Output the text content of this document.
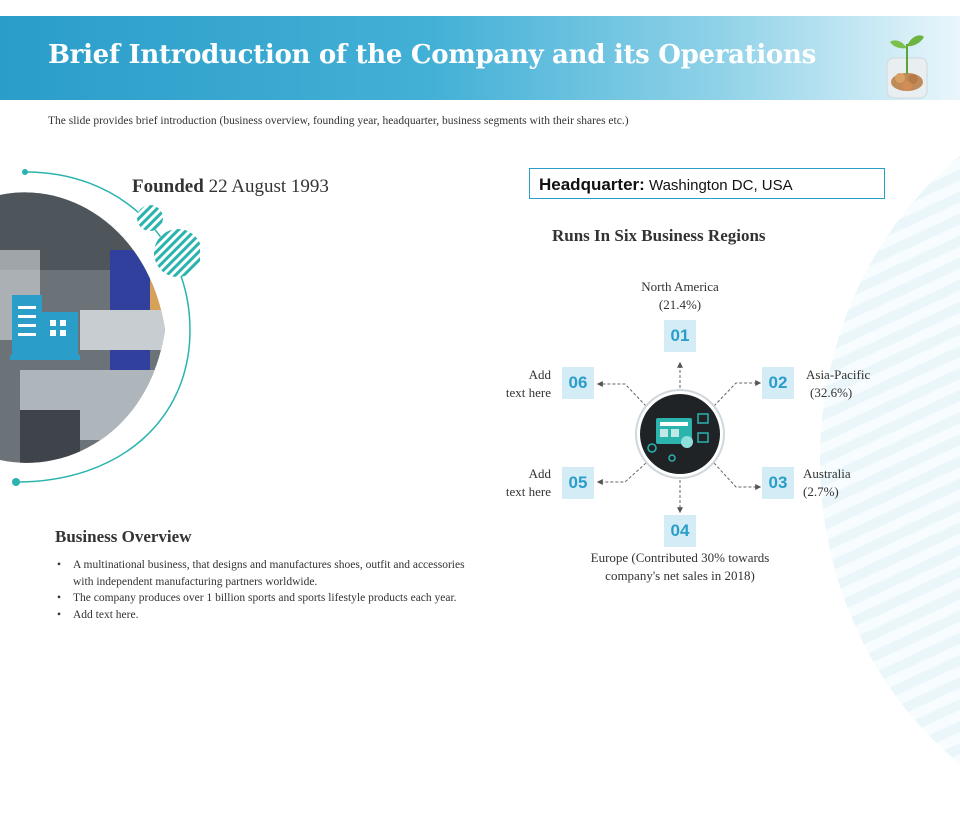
Brief Introduction of the Company and its Operations
The slide provides brief introduction (business overview, founding year, headquarter, business segments with their shares etc.)
Founded 22 August 1993	Headquarter: Washington DC, USA
Runs In Six Business Regions
01
02
03
04
05
06
North America
(21.4%)
Asia-Pacific
(32.6%)
Australia
(2.7%)
Europe (Contributed 30% towards
company's net sales in 2018)
Add
text here
Add
text here
Business Overview
• A multinational business, that designs and manufactures shoes, outfit and accessories with independent manufacturing partners worldwide.
• The company produces over 1 billion sports and sports lifestyle products each year.
• Add text here.
